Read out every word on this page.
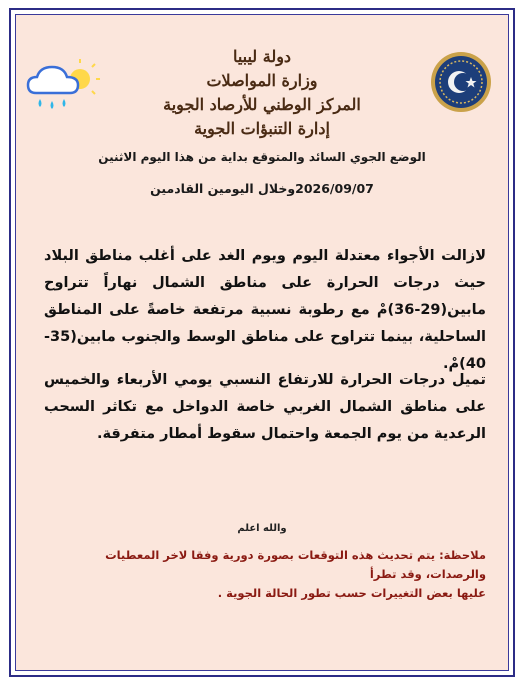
دولة ليبيا
وزارة المواصلات
المركز الوطني للأرصاد الجوية
إدارة التنبؤات الجوية
الوضع الجوي السائد والمتوقع بداية من هذا اليوم الاثنين
2026/09/07وخلال اليومين القادمين
لازالت الأجواء معتدلة اليوم ويوم الغد على أغلب مناطق البلاد حيث درجات الحرارة على مناطق الشمال نهاراً تتراوح مابين(29-36)مْ مع رطوبة نسبية مرتفعة خاصةً على المناطق الساحلية، بينما تتراوح على مناطق الوسط والجنوب مابين(35-40)مْ.
تميل درجات الحرارة للارتفاع النسبي يومي الأربعاء والخميس على مناطق الشمال الغربي خاصة الدواخل مع تكاثر السحب الرعدية من يوم الجمعة واحتمال سقوط أمطار متفرقة.
والله اعلم
ملاحظة: يتم تحديث هذه التوقعات بصورة دورية وفقا لاخر المعطيات والرصدات، وقد تطرأ
عليها بعض التغييرات حسب تطور الحالة الجوية .
